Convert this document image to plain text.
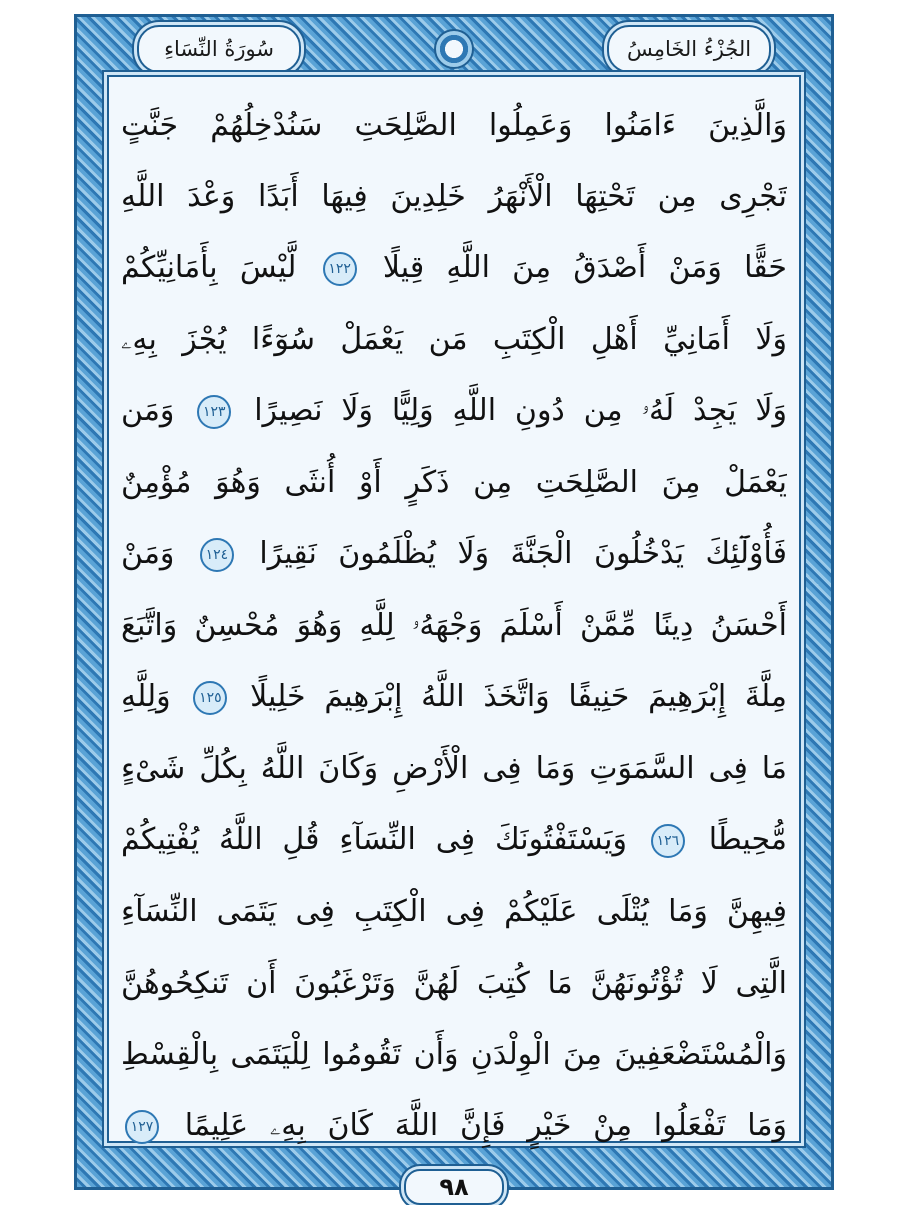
الجُزْءُ الخَامِسُ
سُورَةُ النِّسَاءِ
وَالَّذِينَ ءَامَنُوا وَعَمِلُوا الصَّلِحَتِ سَنُدْخِلُهُمْ جَنَّتٍ
تَجْرِى مِن تَحْتِهَا الْأَنْهَرُ خَلِدِينَ فِيهَا أَبَدًا وَعْدَ اللَّهِ
حَقًّا وَمَنْ أَصْدَقُ مِنَ اللَّهِ قِيلًا ١٢٢ لَّيْسَ بِأَمَانِيِّكُمْ
وَلَا أَمَانِيِّ أَهْلِ الْكِتَبِ مَن يَعْمَلْ سُوٓءًا يُجْزَ بِهِۦ
وَلَا يَجِدْ لَهُۥ مِن دُونِ اللَّهِ وَلِيًّا وَلَا نَصِيرًا ١٢٣ وَمَن
يَعْمَلْ مِنَ الصَّلِحَتِ مِن ذَكَرٍ أَوْ أُنثَى وَهُوَ مُؤْمِنٌ
فَأُوْلَٓئِكَ يَدْخُلُونَ الْجَنَّةَ وَلَا يُظْلَمُونَ نَقِيرًا ١٢٤ وَمَنْ
أَحْسَنُ دِينًا مِّمَّنْ أَسْلَمَ وَجْهَهُۥ لِلَّهِ وَهُوَ مُحْسِنٌ وَاتَّبَعَ
مِلَّةَ إِبْرَهِيمَ حَنِيفًا وَاتَّخَذَ اللَّهُ إِبْرَهِيمَ خَلِيلًا ١٢٥ وَلِلَّهِ
مَا فِى السَّمَوَتِ وَمَا فِى الْأَرْضِ وَكَانَ اللَّهُ بِكُلِّ شَىْءٍ
مُّحِيطًا ١٢٦ وَيَسْتَفْتُونَكَ فِى النِّسَآءِ قُلِ اللَّهُ يُفْتِيكُمْ
فِيهِنَّ وَمَا يُتْلَى عَلَيْكُمْ فِى الْكِتَبِ فِى يَتَمَى النِّسَآءِ
الَّتِى لَا تُؤْتُونَهُنَّ مَا كُتِبَ لَهُنَّ وَتَرْغَبُونَ أَن تَنكِحُوهُنَّ
وَالْمُسْتَضْعَفِينَ مِنَ الْوِلْدَنِ وَأَن تَقُومُوا لِلْيَتَمَى بِالْقِسْطِ
وَمَا تَفْعَلُوا مِنْ خَيْرٍ فَإِنَّ اللَّهَ كَانَ بِهِۦ عَلِيمًا ١٢٧
٩٨
